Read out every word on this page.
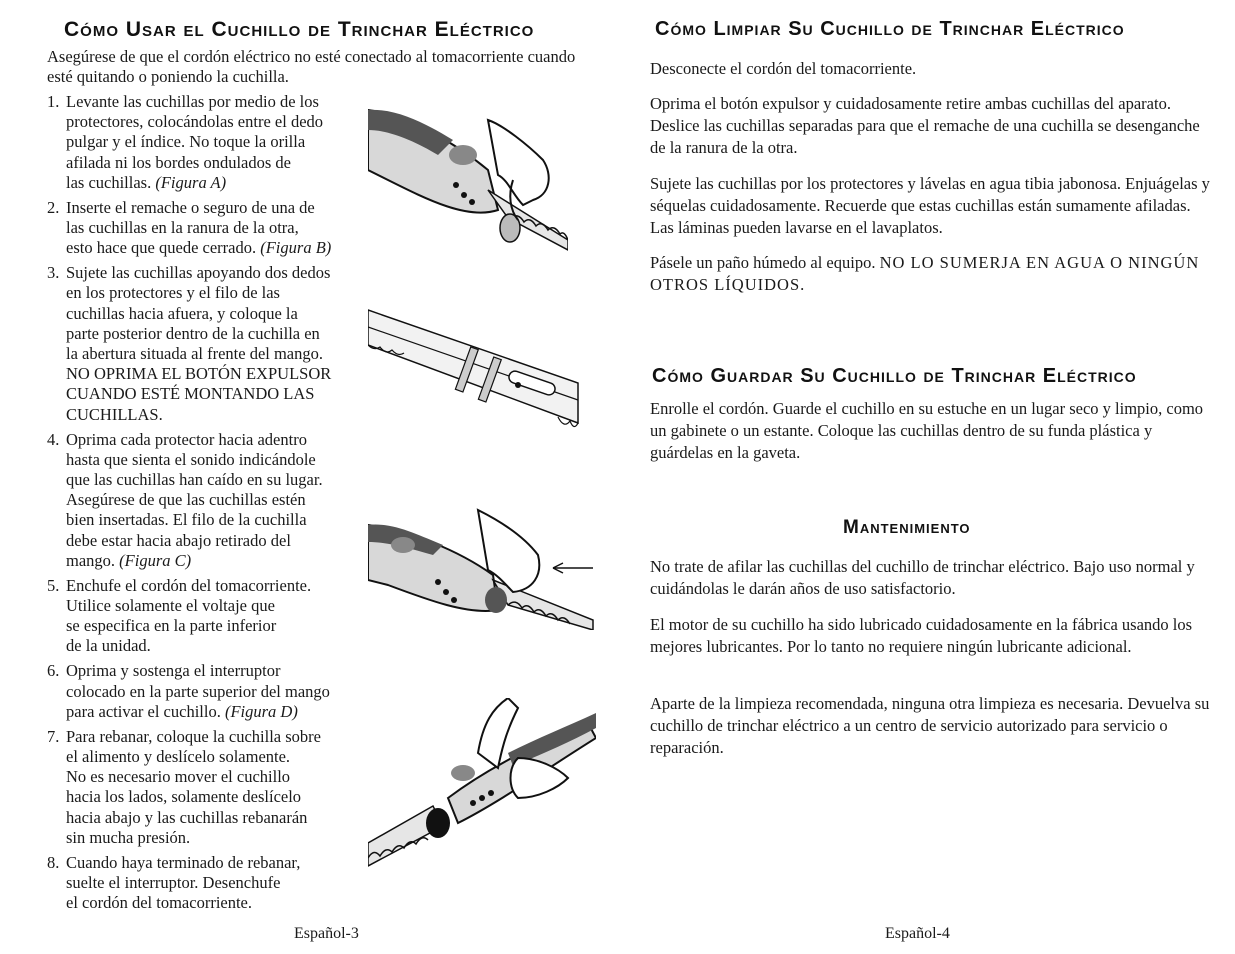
Cómo Usar el Cuchillo de Trinchar Eléctrico

Asegúrese de que el cordón eléctrico no esté conectado al tomacorriente cuando esté quitando o poniendo la cuchilla.

1. Levante las cuchillas por medio de los
protectores, colocándolas entre el dedo
pulgar y el índice. No toque la orilla
afilada ni los bordes ondulados de
las cuchillas. (Figura A)
2. Inserte el remache o seguro de una de
las cuchillas en la ranura de la otra,
esto hace que quede cerrado. (Figura B)
3. Sujete las cuchillas apoyando dos dedos
en los protectores y el filo de las
cuchillas hacia afuera, y coloque la
parte posterior dentro de la cuchilla en
la abertura situada al frente del mango.
NO OPRIMA EL BOTÓN EXPULSOR
CUANDO ESTÉ MONTANDO LAS
CUCHILLAS.
4. Oprima cada protector hacia adentro
hasta que sienta el sonido indicándole
que las cuchillas han caído en su lugar.
Asegúrese de que las cuchillas estén
bien insertadas. El filo de la cuchilla
debe estar hacia abajo retirado del
mango. (Figura C)
5. Enchufe el cordón del tomacorriente.
Utilice solamente el voltaje que
se especifica en la parte inferior
de la unidad.
6. Oprima y sostenga el interruptor
colocado en la parte superior del mango
para activar el cuchillo. (Figura D)
7. Para rebanar, coloque la cuchilla sobre
el alimento y deslícelo solamente.
No es necesario mover el cuchillo
hacia los lados, solamente deslícelo
hacia abajo y las cuchillas rebanarán
sin mucha presión.
8. Cuando haya terminado de rebanar,
suelte el interruptor. Desenchufe
el cordón del tomacorriente.
Español-3
Cómo Limpiar Su Cuchillo de Trinchar Eléctrico

Desconecte el cordón del tomacorriente.

Oprima el botón expulsor y cuidadosamente retire ambas cuchillas del aparato. Deslice las cuchillas separadas para que el remache de una cuchilla se desenganche de la ranura de la otra.

Sujete las cuchillas por los protectores y lávelas en agua tibia jabonosa. Enjuágelas y séquelas cuidadosamente. Recuerde que estas cuchillas están sumamente afiladas. Las láminas pueden lavarse en el lavaplatos.

Pásele un paño húmedo al equipo. NO LO SUMERJA EN AGUA O NINGÚN OTROS LÍQUIDOS.

Cómo Guardar Su Cuchillo de Trinchar Eléctrico

Enrolle el cordón. Guarde el cuchillo en su estuche en un lugar seco y limpio, como un gabinete o un estante. Coloque las cuchillas dentro de su funda plástica y guárdelas en la gaveta.

Mantenimiento

No trate de afilar las cuchillas del cuchillo de trinchar eléctrico. Bajo uso normal y cuidándolas le darán años de uso satisfactorio.

El motor de su cuchillo ha sido lubricado cuidadosamente en la fábrica usando los mejores lubricantes. Por lo tanto no requiere ningún lubricante adicional.

Aparte de la limpieza recomendada, ninguna otra limpieza es necesaria. Devuelva su cuchillo de trinchar eléctrico a un centro de servicio autorizado para servicio o reparación.

Español-4
